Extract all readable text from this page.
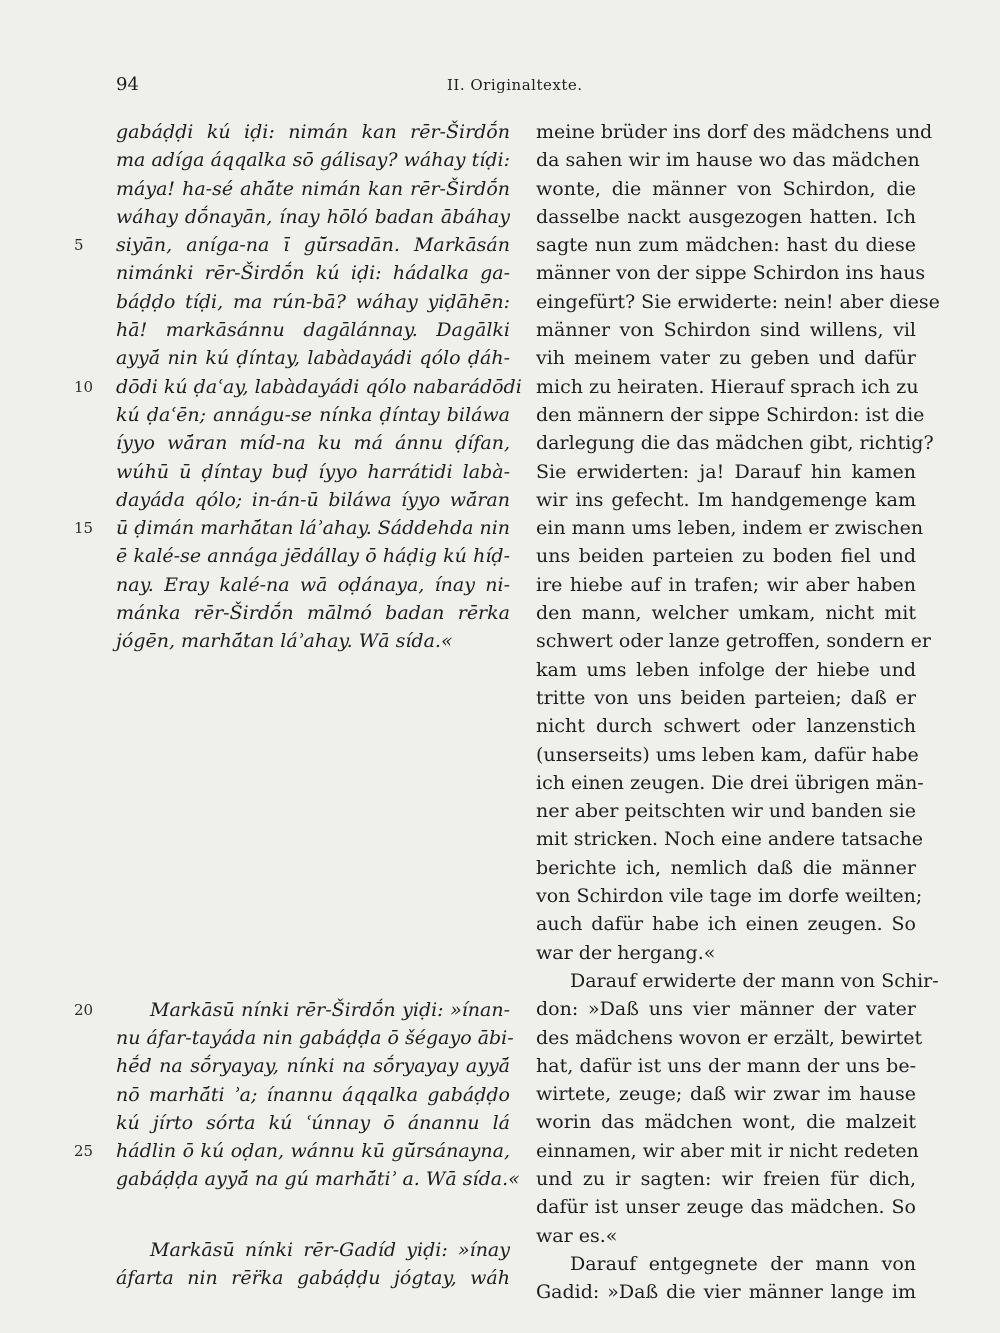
94	II. Originaltexte.
gabáḍḍi kú iḍi: nimán kan rēr-Širdṓn
ma adíga áqqalka sō gálisay? wáhay tíḍi:
máya! ha-sé ahā́te nimán kan rēr-Širdṓn
wáhay dṓnayān, ínay hōló badan ābáhay
siyān, aníga-na ī gū̆rsadān. Markāsán
5
nimánki rēr-Širdṓn kú iḍi: hádalka ga-
báḍḍo tíḍi, ma rún-bā? wáhay yiḍāhēn:
hā! markāsánnu dagālánnay. Dagālki
ayyā́ nin kú ḍíntay, labàdayádi qólo ḍáh-
dōdi kú ḍaʿay, labàdayádi qólo nabarádōdi
10
kú ḍaʿēn; annágu-se nínka ḍíntay biláwa
íyyo wā́ran míd-na ku má ánnu ḍífan,
wúhū ū ḍíntay buḍ íyyo harrátidi labà-
dayáda qólo; in-án-ū biláwa íyyo wā́ran
ū ḍimán marhā́tan láʾahay. Sáddehda nin
15
ē kalé-se annága jēdállay ō háḍig kú híḍ-
nay. Eray kalé-na wā oḍánaya, ínay ni-
mánka rēr-Širdṓn mālmó badan rērka
jógēn, marhā́tan láʾahay. Wā sída.«
Markāsū nínki rēr-Širdṓn yiḍi: »ínan-
20
nu áfar-tayáda nin gabáḍḍa ō šégayo ābi-
hḗd na sṓryayay, nínki na sṓryayay ayyā́
nō marhā́ti ʾa; ínannu áqqalka gabáḍḍo
kú jírto sórta kú ʿúnnay ō ánannu lá
hádlin ō kú oḍan, wánnu kū gū̆rsánayna,
25
gabáḍḍa ayyā́ na gú marhā́tiʾ a. Wā sída.«
Markāsū nínki rēr-Gadíd yiḍi: »ínay
áfarta nin rēr̈ka gabáḍḍu jógtay, wáh
meine brüder ins dorf des mädchens und
da sahen wir im hause wo das mädchen
wonte, die männer von Schirdon, die
dasselbe nackt ausgezogen hatten. Ich
sagte nun zum mädchen: hast du diese
männer von der sippe Schirdon ins haus
eingefürt? Sie erwiderte: nein! aber diese
männer von Schirdon sind willens, vil
vih meinem vater zu geben und dafür
mich zu heiraten. Hierauf sprach ich zu
den männern der sippe Schirdon: ist die
darlegung die das mädchen gibt, richtig?
Sie erwiderten: ja! Darauf hin kamen
wir ins gefecht. Im handgemenge kam
ein mann ums leben, indem er zwischen
uns beiden parteien zu boden fiel und
ire hiebe auf in trafen; wir aber haben
den mann, welcher umkam, nicht mit
schwert oder lanze getroffen, sondern er
kam ums leben infolge der hiebe und
tritte von uns beiden parteien; daß er
nicht durch schwert oder lanzenstich
(unserseits) ums leben kam, dafür habe
ich einen zeugen. Die drei übrigen män-
ner aber peitschten wir und banden sie
mit stricken. Noch eine andere tatsache
berichte ich, nemlich daß die männer
von Schirdon vile tage im dorfe weilten;
auch dafür habe ich einen zeugen. So
war der hergang.«
Darauf erwiderte der mann von Schir-
don: »Daß uns vier männer der vater
des mädchens wovon er erzält, bewirtet
hat, dafür ist uns der mann der uns be-
wirtete, zeuge; daß wir zwar im hause
worin das mädchen wont, die malzeit
einnamen, wir aber mit ir nicht redeten
und zu ir sagten: wir freien für dich,
dafür ist unser zeuge das mädchen. So
war es.«
Darauf entgegnete der mann von
Gadid: »Daß die vier männer lange im
